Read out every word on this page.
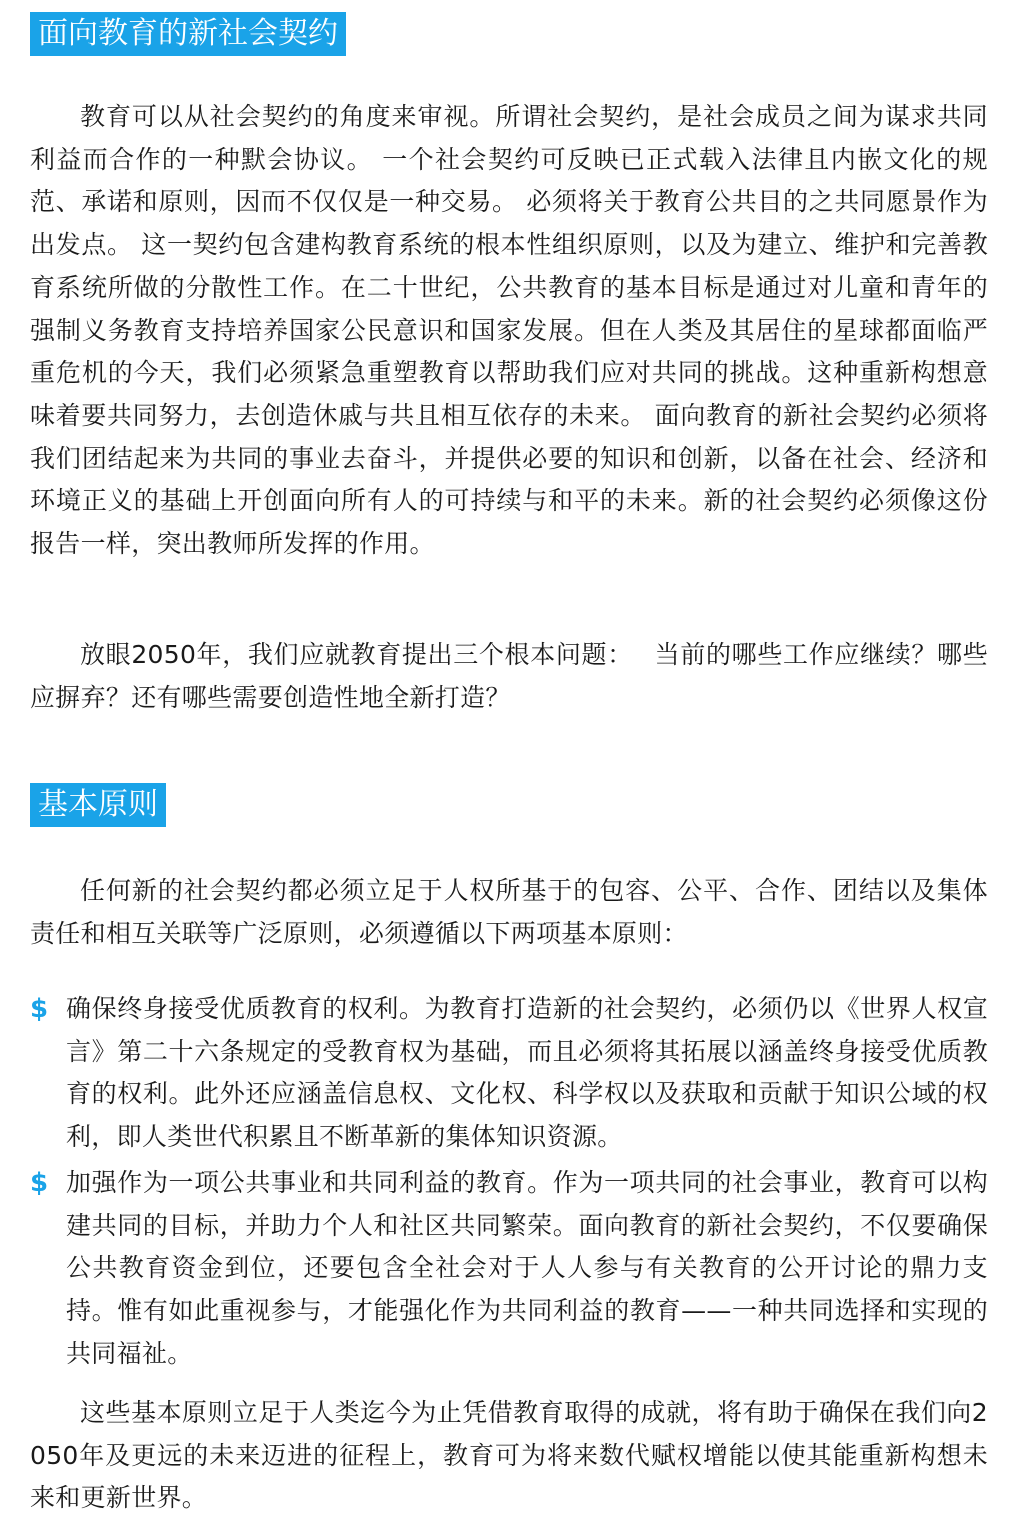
面向教育的新社会契约

教育可以从社会契约的角度来审视。所谓社会契约，是社会成员之间为谋求共同利益而合作的一种默会协议。 一个社会契约可反映已正式载入法律且内嵌文化的规范、承诺和原则，因而不仅仅是一种交易。 必须将关于教育公共目的之共同愿景作为出发点。 这一契约包含建构教育系统的根本性组织原则，以及为建立、维护和完善教育系统所做的分散性工作。在二十世纪，公共教育的基本目标是通过对儿童和青年的强制义务教育支持培养国家公民意识和国家发展。但在人类及其居住的星球都面临严重危机的今天，我们必须紧急重塑教育以帮助我们应对共同的挑战。这种重新构想意味着要共同努力，去创造休戚与共且相互依存的未来。 面向教育的新社会契约必须将我们团结起来为共同的事业去奋斗，并提供必要的知识和创新，以备在社会、经济和环境正义的基础上开创面向所有人的可持续与和平的未来。新的社会契约必须像这份报告一样，突出教师所发挥的作用。

放眼2050年，我们应就教育提出三个根本问题：　 当前的哪些工作应继续？哪些应摒弃？还有哪些需要创造性地全新打造？

基本原则

任何新的社会契约都必须立足于人权所基于的包容、公平、合作、团结以及集体责任和相互关联等广泛原则，必须遵循以下两项基本原则：

$ 确保终身接受优质教育的权利。为教育打造新的社会契约，必须仍以《世界人权宣言》第二十六条规定的受教育权为基础，而且必须将其拓展以涵盖终身接受优质教育的权利。此外还应涵盖信息权、文化权、科学权以及获取和贡献于知识公域的权利，即人类世代积累且不断革新的集体知识资源。

$ 加强作为一项公共事业和共同利益的教育。作为一项共同的社会事业，教育可以构建共同的目标，并助力个人和社区共同繁荣。面向教育的新社会契约，不仅要确保公共教育资金到位，还要包含全社会对于人人参与有关教育的公开讨论的鼎力支持。惟有如此重视参与，才能强化作为共同利益的教育——一种共同选择和实现的共同福祉。

这些基本原则立足于人类迄今为止凭借教育取得的成就，将有助于确保在我们向2050年及更远的未来迈进的征程上，教育可为将来数代赋权增能以使其能重新构想未来和更新世界。
